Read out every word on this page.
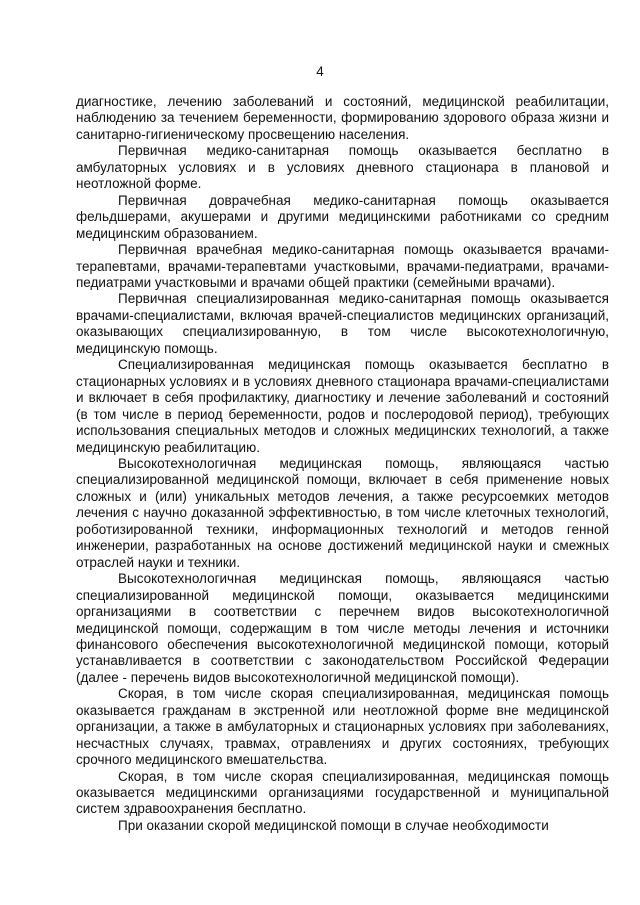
4

диагностике, лечению заболеваний и состояний, медицинской реабилитации, наблюдению за течением беременности, формированию здорового образа жизни и санитарно-гигиеническому просвещению населения.

Первичная медико-санитарная помощь оказывается бесплатно в амбулаторных условиях и в условиях дневного стационара в плановой и неотложной форме.

Первичная доврачебная медико-санитарная помощь оказывается фельдшерами, акушерами и другими медицинскими работниками со средним медицинским образованием.

Первичная врачебная медико-санитарная помощь оказывается врачами-терапевтами, врачами-терапевтами участковыми, врачами-педиатрами, врачами-педиатрами участковыми и врачами общей практики (семейными врачами).

Первичная специализированная медико-санитарная помощь оказывается врачами-специалистами, включая врачей-специалистов медицинских организаций, оказывающих специализированную, в том числе высокотехнологичную, медицинскую помощь.

Специализированная медицинская помощь оказывается бесплатно в стационарных условиях и в условиях дневного стационара врачами-специалистами и включает в себя профилактику, диагностику и лечение заболеваний и состояний (в том числе в период беременности, родов и послеродовой период), требующих использования специальных методов и сложных медицинских технологий, а также медицинскую реабилитацию.

Высокотехнологичная медицинская помощь, являющаяся частью специализированной медицинской помощи, включает в себя применение новых сложных и (или) уникальных методов лечения, а также ресурсоемких методов лечения с научно доказанной эффективностью, в том числе клеточных технологий, роботизированной техники, информационных технологий и методов генной инженерии, разработанных на основе достижений медицинской науки и смежных отраслей науки и техники.

Высокотехнологичная медицинская помощь, являющаяся частью специализированной медицинской помощи, оказывается медицинскими организациями в соответствии с перечнем видов высокотехнологичной медицинской помощи, содержащим в том числе методы лечения и источники финансового обеспечения высокотехнологичной медицинской помощи, который устанавливается в соответствии с законодательством Российской Федерации (далее - перечень видов высокотехнологичной медицинской помощи).

Скорая, в том числе скорая специализированная, медицинская помощь оказывается гражданам в экстренной или неотложной форме вне медицинской организации, а также в амбулаторных и стационарных условиях при заболеваниях, несчастных случаях, травмах, отравлениях и других состояниях, требующих срочного медицинского вмешательства.

Скорая, в том числе скорая специализированная, медицинская помощь оказывается медицинскими организациями государственной и муниципальной систем здравоохранения бесплатно.

При оказании скорой медицинской помощи в случае необходимости
